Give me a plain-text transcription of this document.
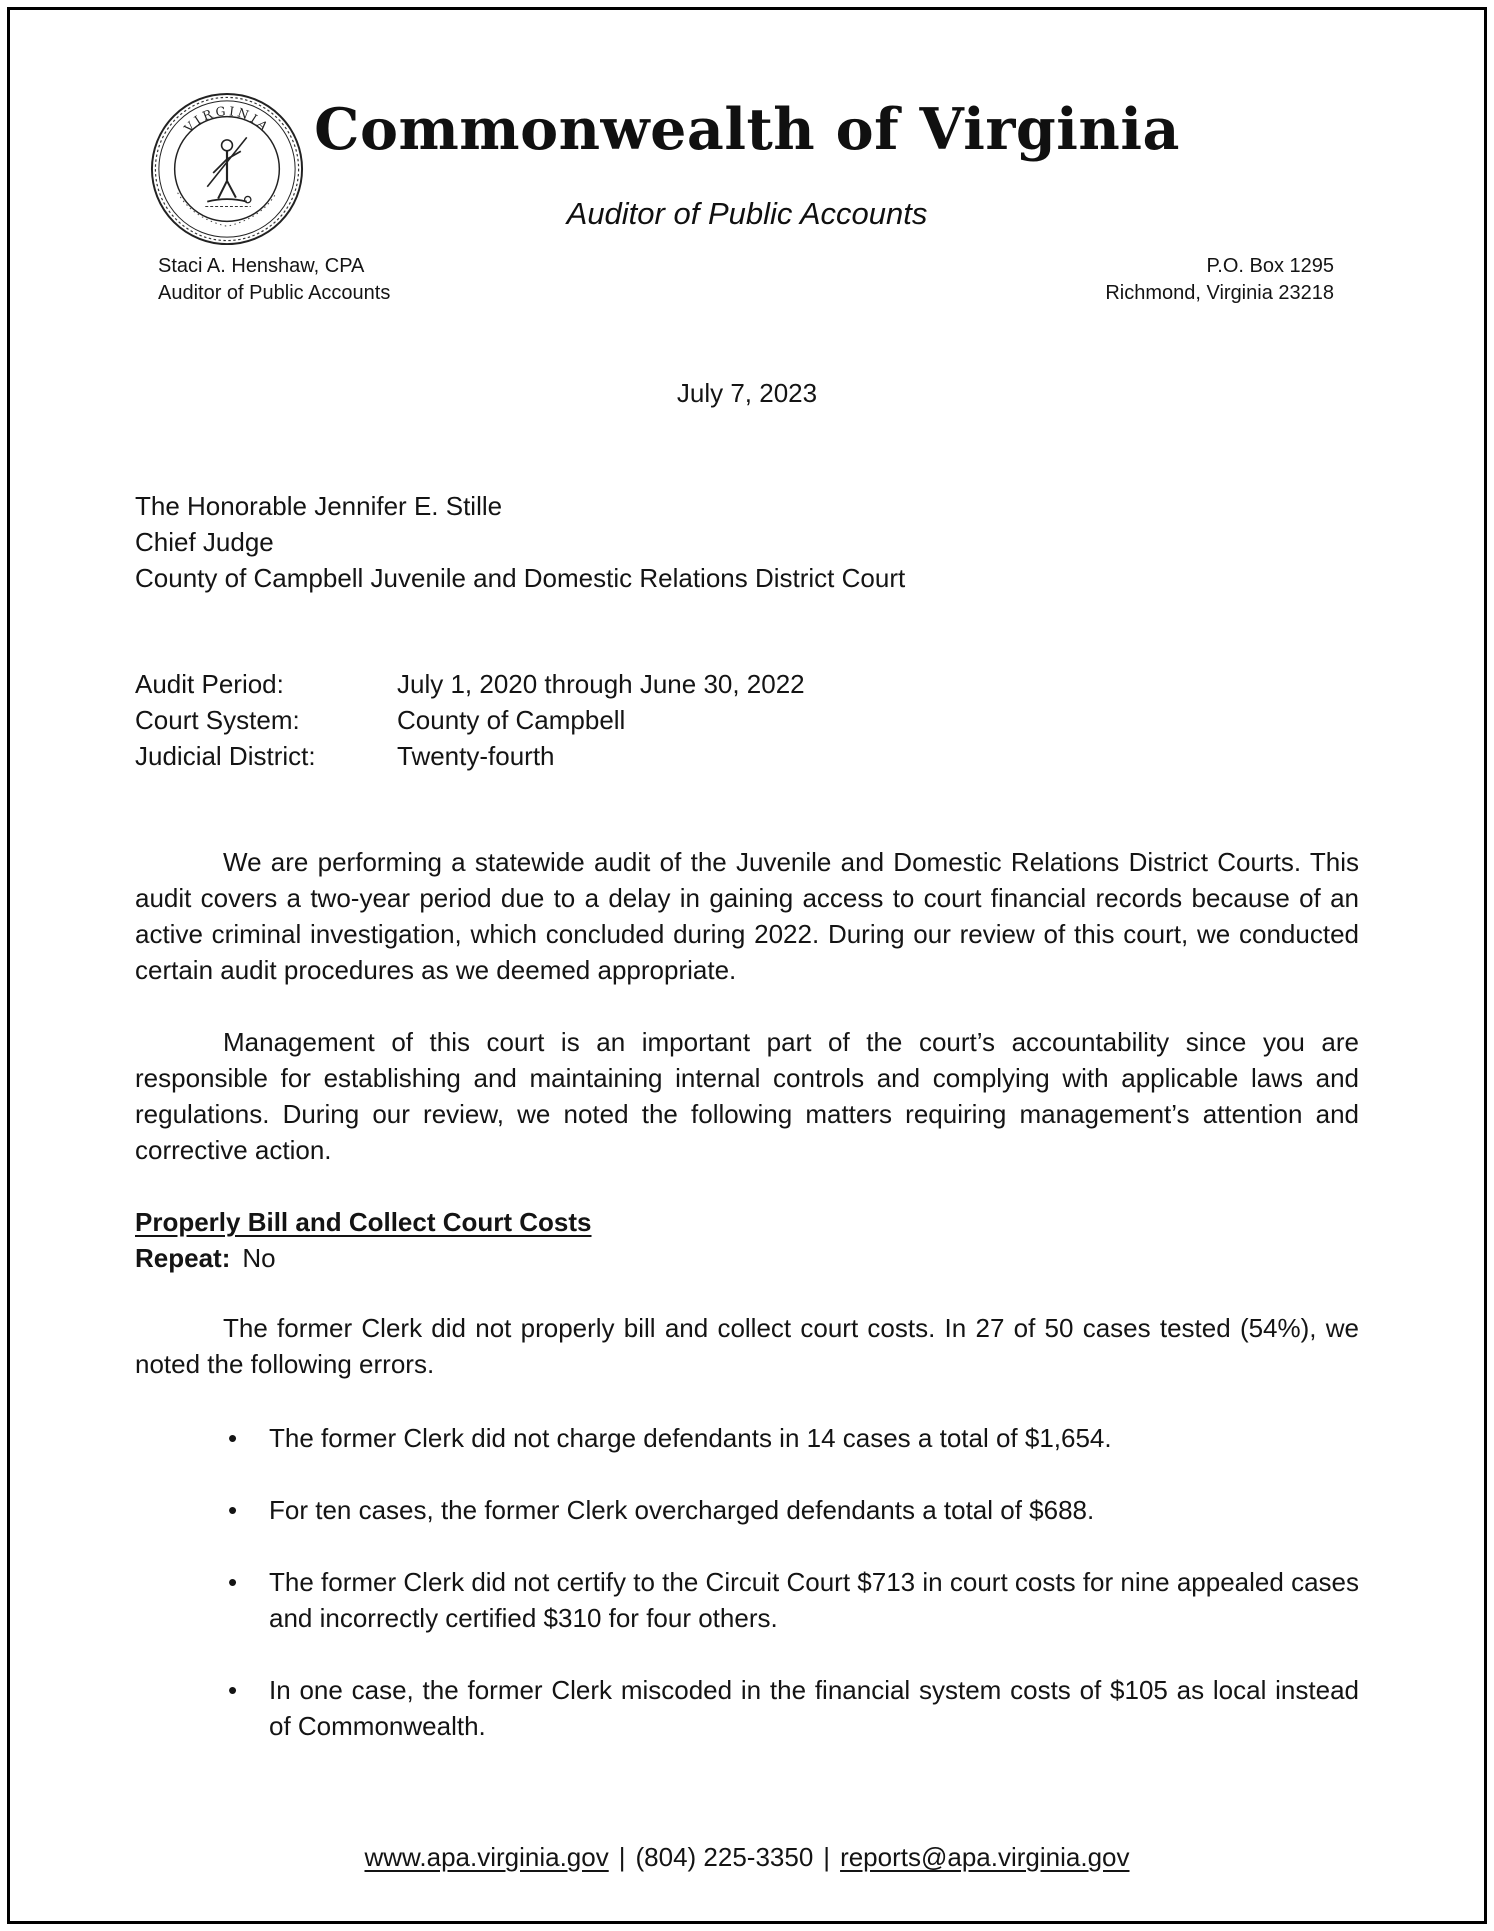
VIRGINIA Commonwealth of Virginia
Auditor of Public Accounts
Staci A. Henshaw, CPA
Auditor of Public Accounts
P.O. Box 1295
Richmond, Virginia 23218
July 7, 2023
The Honorable Jennifer E. Stille
Chief Judge
County of Campbell Juvenile and Domestic Relations District Court
Audit Period:	July 1, 2020 through June 30, 2022
Court System:	County of Campbell
Judicial District:	Twenty-fourth
We are performing a statewide audit of the Juvenile and Domestic Relations District Courts. This audit covers a two-year period due to a delay in gaining access to court financial records because of an active criminal investigation, which concluded during 2022. During our review of this court, we conducted certain audit procedures as we deemed appropriate.
Management of this court is an important part of the court’s accountability since you are responsible for establishing and maintaining internal controls and complying with applicable laws and regulations. During our review, we noted the following matters requiring management’s attention and corrective action.
Properly Bill and Collect Court Costs
Repeat: No
The former Clerk did not properly bill and collect court costs. In 27 of 50 cases tested (54%), we noted the following errors.
• The former Clerk did not charge defendants in 14 cases a total of $1,654.
• For ten cases, the former Clerk overcharged defendants a total of $688.
• The former Clerk did not certify to the Circuit Court $713 in court costs for nine appealed cases and incorrectly certified $310 for four others.
• In one case, the former Clerk miscoded in the financial system costs of $105 as local instead of Commonwealth.
www.apa.virginia.gov | (804) 225-3350 | reports@apa.virginia.gov
